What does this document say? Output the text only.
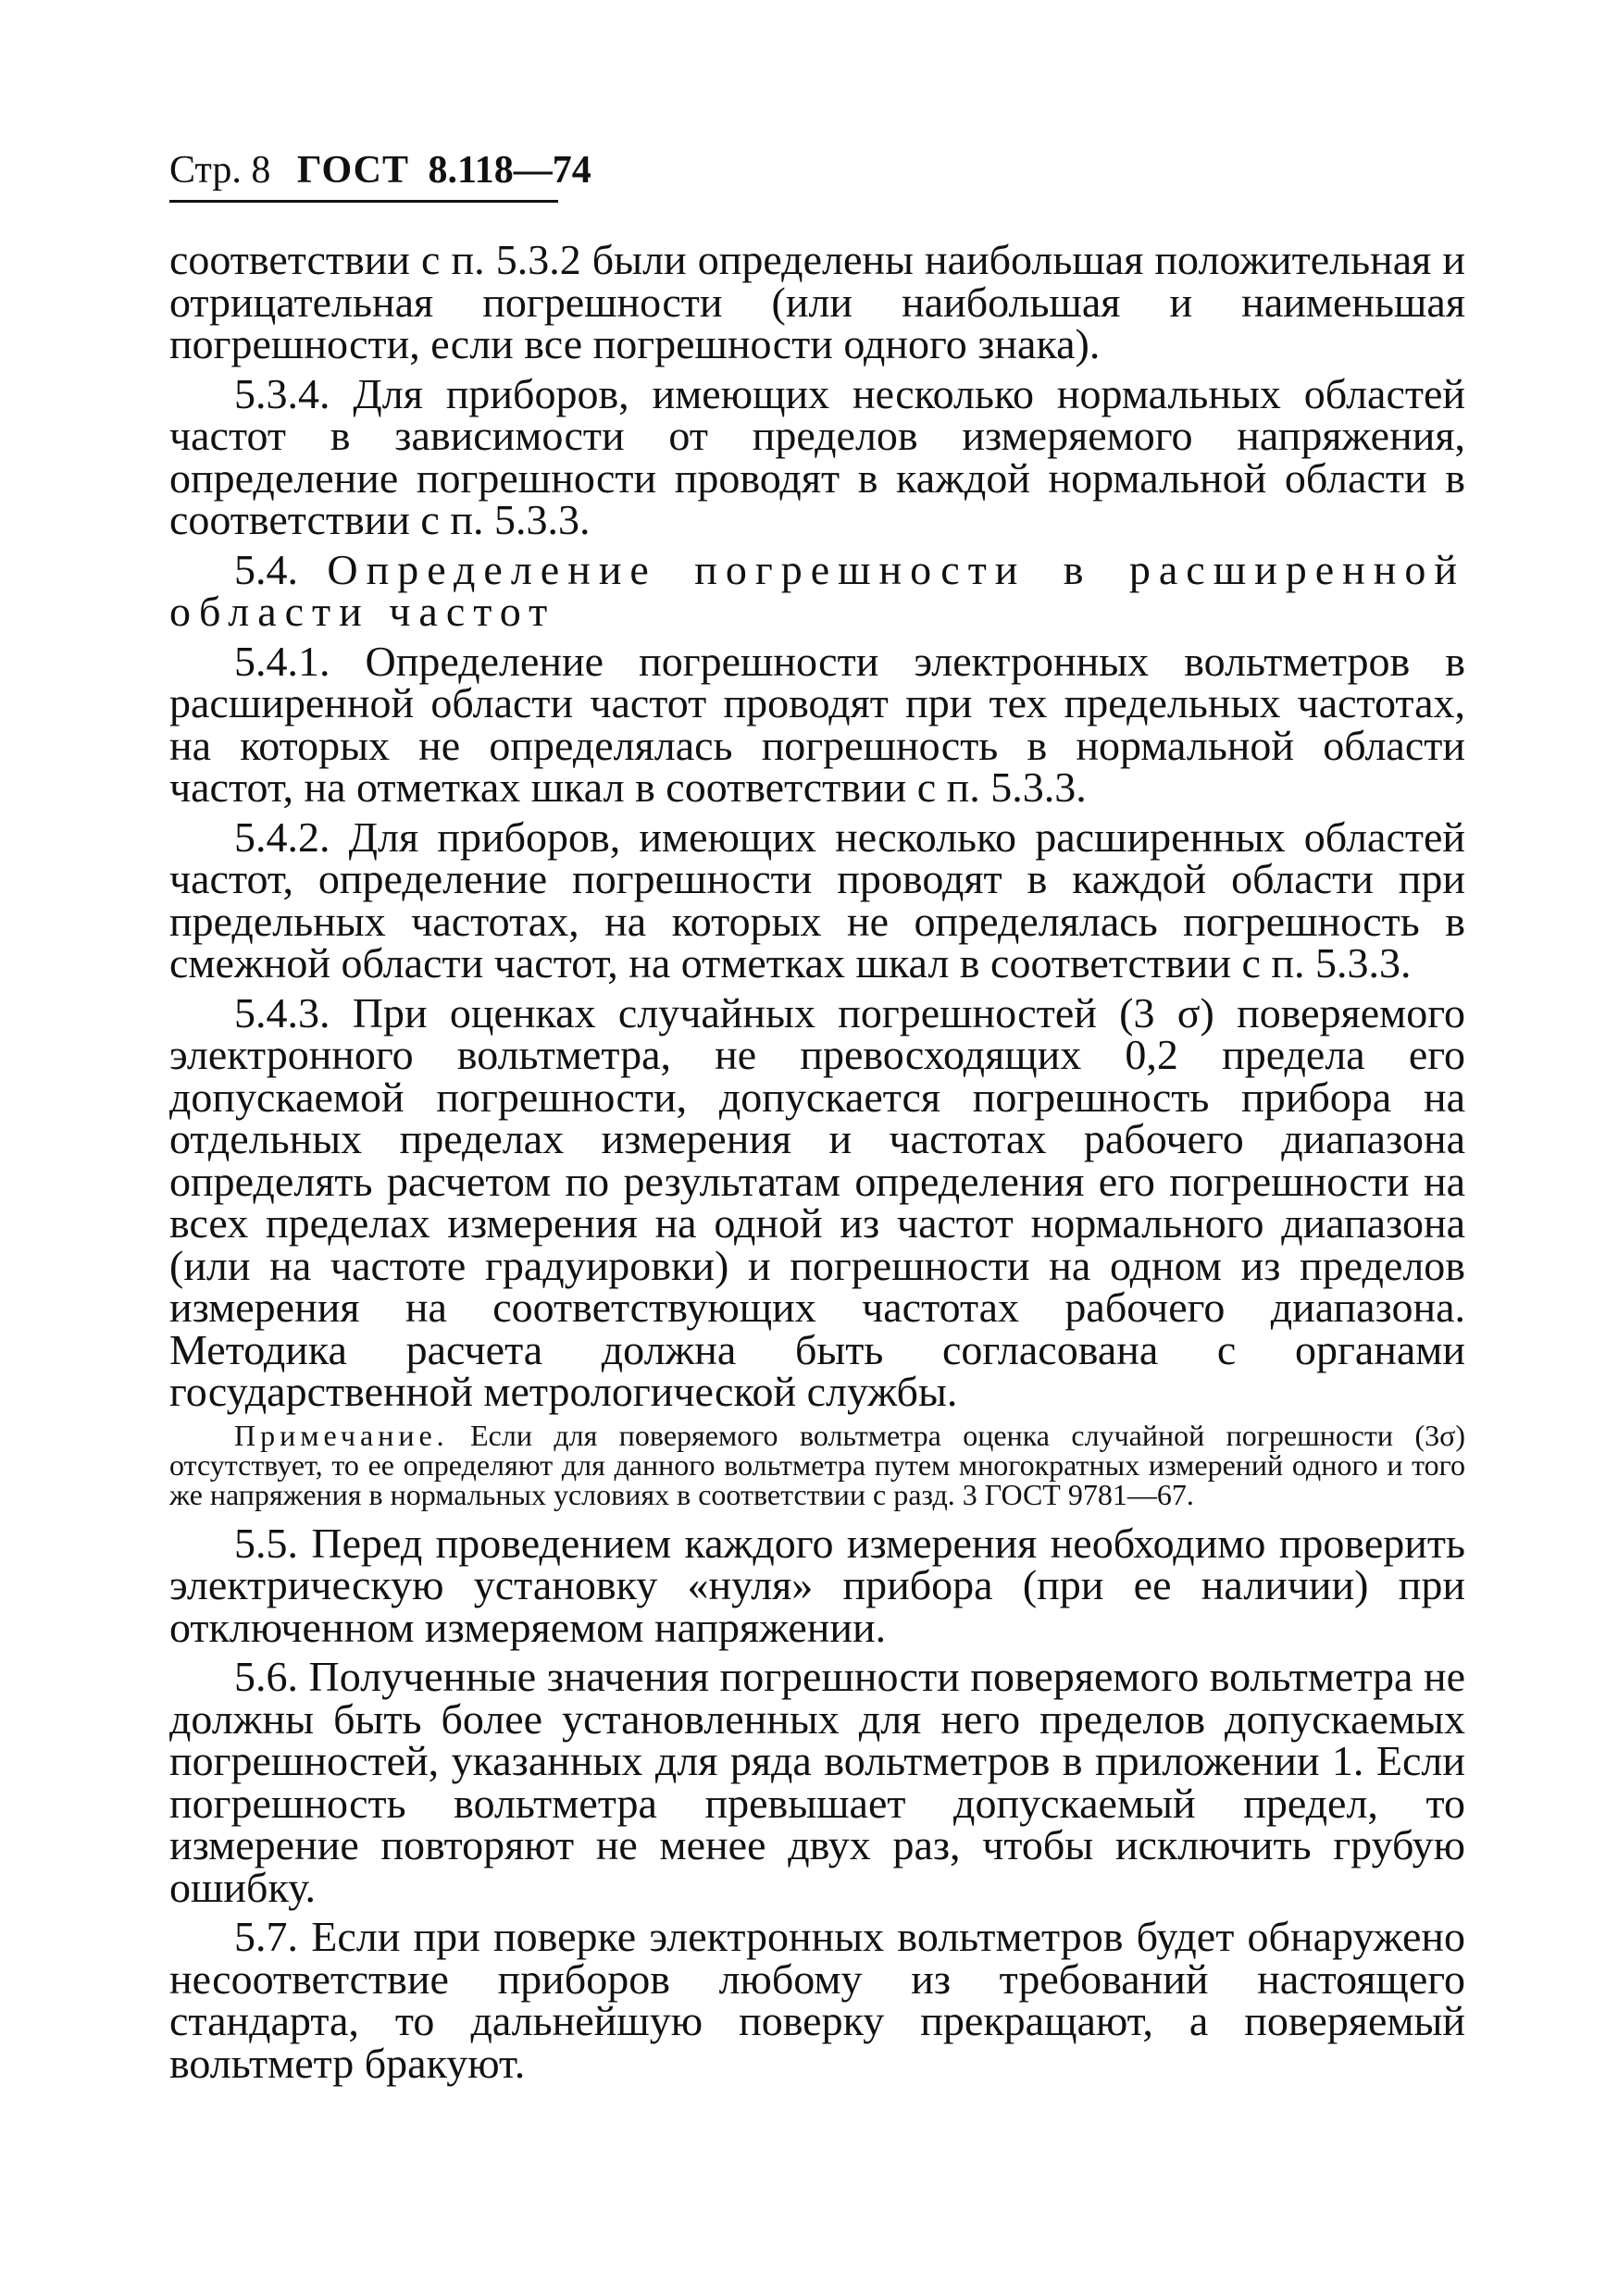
Стр. 8 ГОСТ 8.118—74

соответствии с п. 5.3.2 были определены наибольшая положительная и отрицательная погрешности (или наибольшая и наименьшая погрешности, если все погрешности одного знака).

5.3.4. Для приборов, имеющих несколько нормальных областей частот в зависимости от пределов измеряемого напряжения, определение погрешности проводят в каждой нормальной области в соответствии с п. 5.3.3.

5.4. Определение погрешности в расширенной области частот

5.4.1. Определение погрешности электронных вольтметров в расширенной области частот проводят при тех предельных частотах, на которых не определялась погрешность в нормальной области частот, на отметках шкал в соответствии с п. 5.3.3.

5.4.2. Для приборов, имеющих несколько расширенных областей частот, определение погрешности проводят в каждой области при предельных частотах, на которых не определялась погрешность в смежной области частот, на отметках шкал в соответствии с п. 5.3.3.

5.4.3. При оценках случайных погрешностей (3 σ) поверяемого электронного вольтметра, не превосходящих 0,2 предела его допускаемой погрешности, допускается погрешность прибора на отдельных пределах измерения и частотах рабочего диапазона определять расчетом по результатам определения его погрешности на всех пределах измерения на одной из частот нормального диапазона (или на частоте градуировки) и погрешности на одном из пределов измерения на соответствующих частотах рабочего диапазона. Методика расчета должна быть согласована с органами государственной метрологической службы.

Примечание. Если для поверяемого вольтметра оценка случайной погрешности (3σ) отсутствует, то ее определяют для данного вольтметра путем многократных измерений одного и того же напряжения в нормальных условиях в соответствии с разд. 3 ГОСТ 9781—67.

5.5. Перед проведением каждого измерения необходимо проверить электрическую установку «нуля» прибора (при ее наличии) при отключенном измеряемом напряжении.

5.6. Полученные значения погрешности поверяемого вольтметра не должны быть более установленных для него пределов допускаемых погрешностей, указанных для ряда вольтметров в приложении 1. Если погрешность вольтметра превышает допускаемый предел, то измерение повторяют не менее двух раз, чтобы исключить грубую ошибку.

5.7. Если при поверке электронных вольтметров будет обнаружено несоответствие приборов любому из требований настоящего стандарта, то дальнейшую поверку прекращают, а поверяемый вольтметр бракуют.
